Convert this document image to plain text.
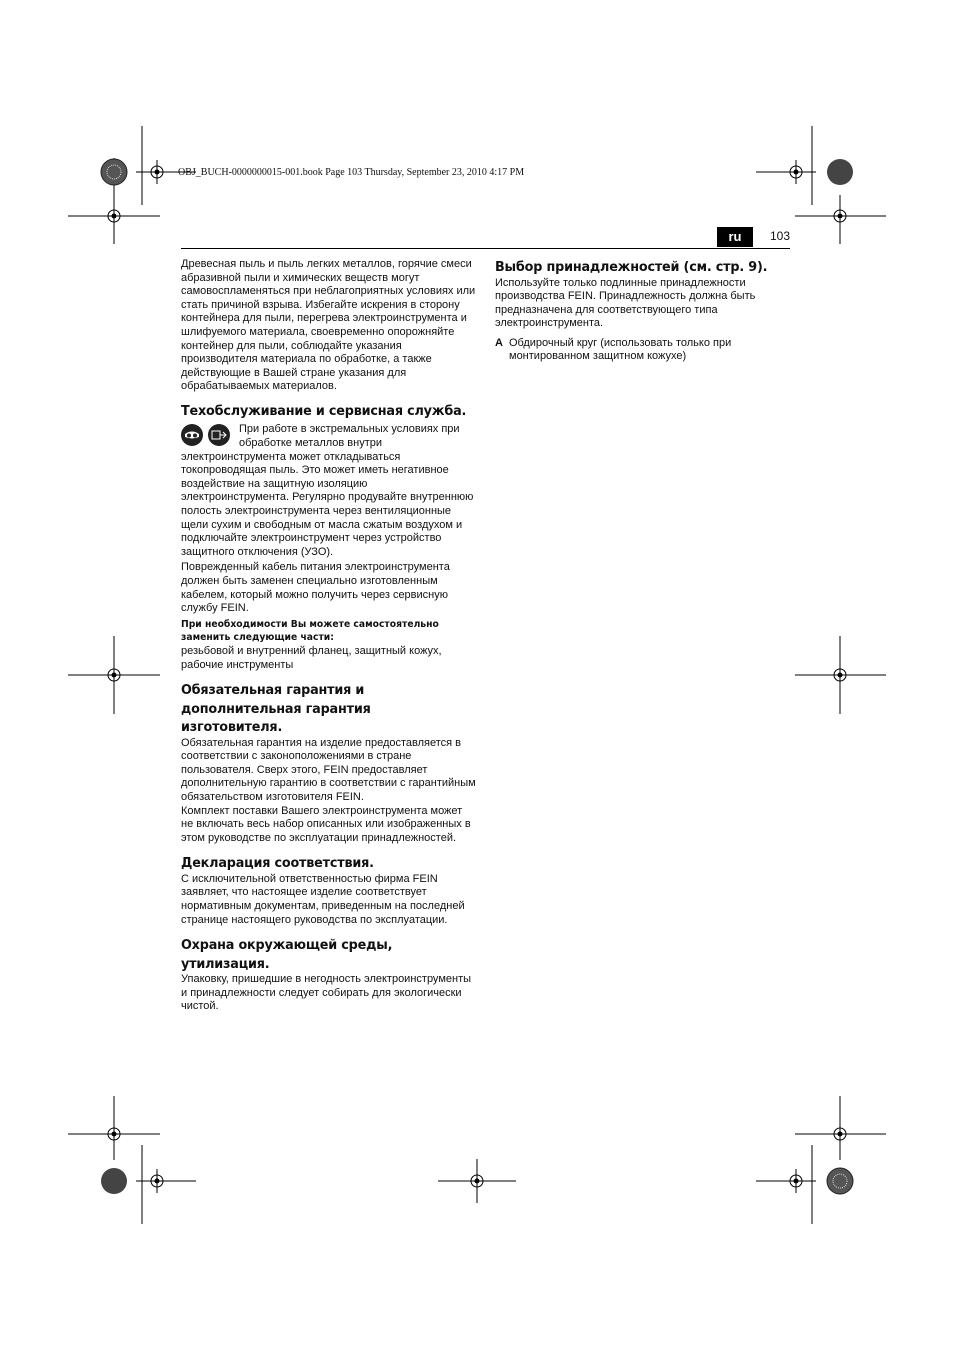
OBJ_BUCH-0000000015-001.book Page 103 Thursday, September 23, 2010 4:17 PM
ru	103

Древесная пыль и пыль легких металлов, горячие смеси абразивной пыли и химических веществ могут самовоспламеняться при неблагоприятных условиях или стать причиной взрыва. Избегайте искрения в сторону контейнера для пыли, перегрева электроинструмента и шлифуемого материала, своевременно опорожняйте контейнер для пыли, соблюдайте указания производителя материала по обработке, а также действующие в Вашей стране указания для обрабатываемых материалов.

Техобслуживание и сервисная служба.

При работе в экстремальных условиях при обработке металлов внутри электроинструмента может откладываться токопроводящая пыль. Это может иметь негативное воздействие на защитную изоляцию электроинструмента. Регулярно продувайте внутреннюю полость электроинструмента через вентиляционные щели сухим и свободным от масла сжатым воздухом и подключайте электроинструмент через устройство защитного отключения (УЗО).

Поврежденный кабель питания электроинструмента должен быть заменен специально изготовленным кабелем, который можно получить через сервисную службу FEIN.

При необходимости Вы можете самостоятельно заменить следующие части:

резьбовой и внутренний фланец, защитный кожух, рабочие инструменты

Обязательная гарантия и
дополнительная гарантия
изготовителя.

Обязательная гарантия на изделие предоставляется в соответствии с законоположениями в стране пользователя. Сверх этого, FEIN предоставляет дополнительную гарантию в соответствии с гарантийным обязательством изготовителя FEIN.

Комплект поставки Вашего электроинструмента может не включать весь набор описанных или изображенных в этом руководстве по эксплуатации принадлежностей.

Декларация соответствия.

С исключительной ответственностью фирма FEIN заявляет, что настоящее изделие соответствует нормативным документам, приведенным на последней странице настоящего руководства по эксплуатации.

Охрана окружающей среды,
утилизация.

Упаковку, пришедшие в негодность электроинструменты и принадлежности следует собирать для экологически чистой.

Выбор принадлежностей (см. стр. 9).

Используйте только подлинные принадлежности производства FEIN. Принадлежность должна быть предназначена для соответствующего типа электроинструмента.

A Обдирочный круг (использовать только при монтированном защитном кожухе)
